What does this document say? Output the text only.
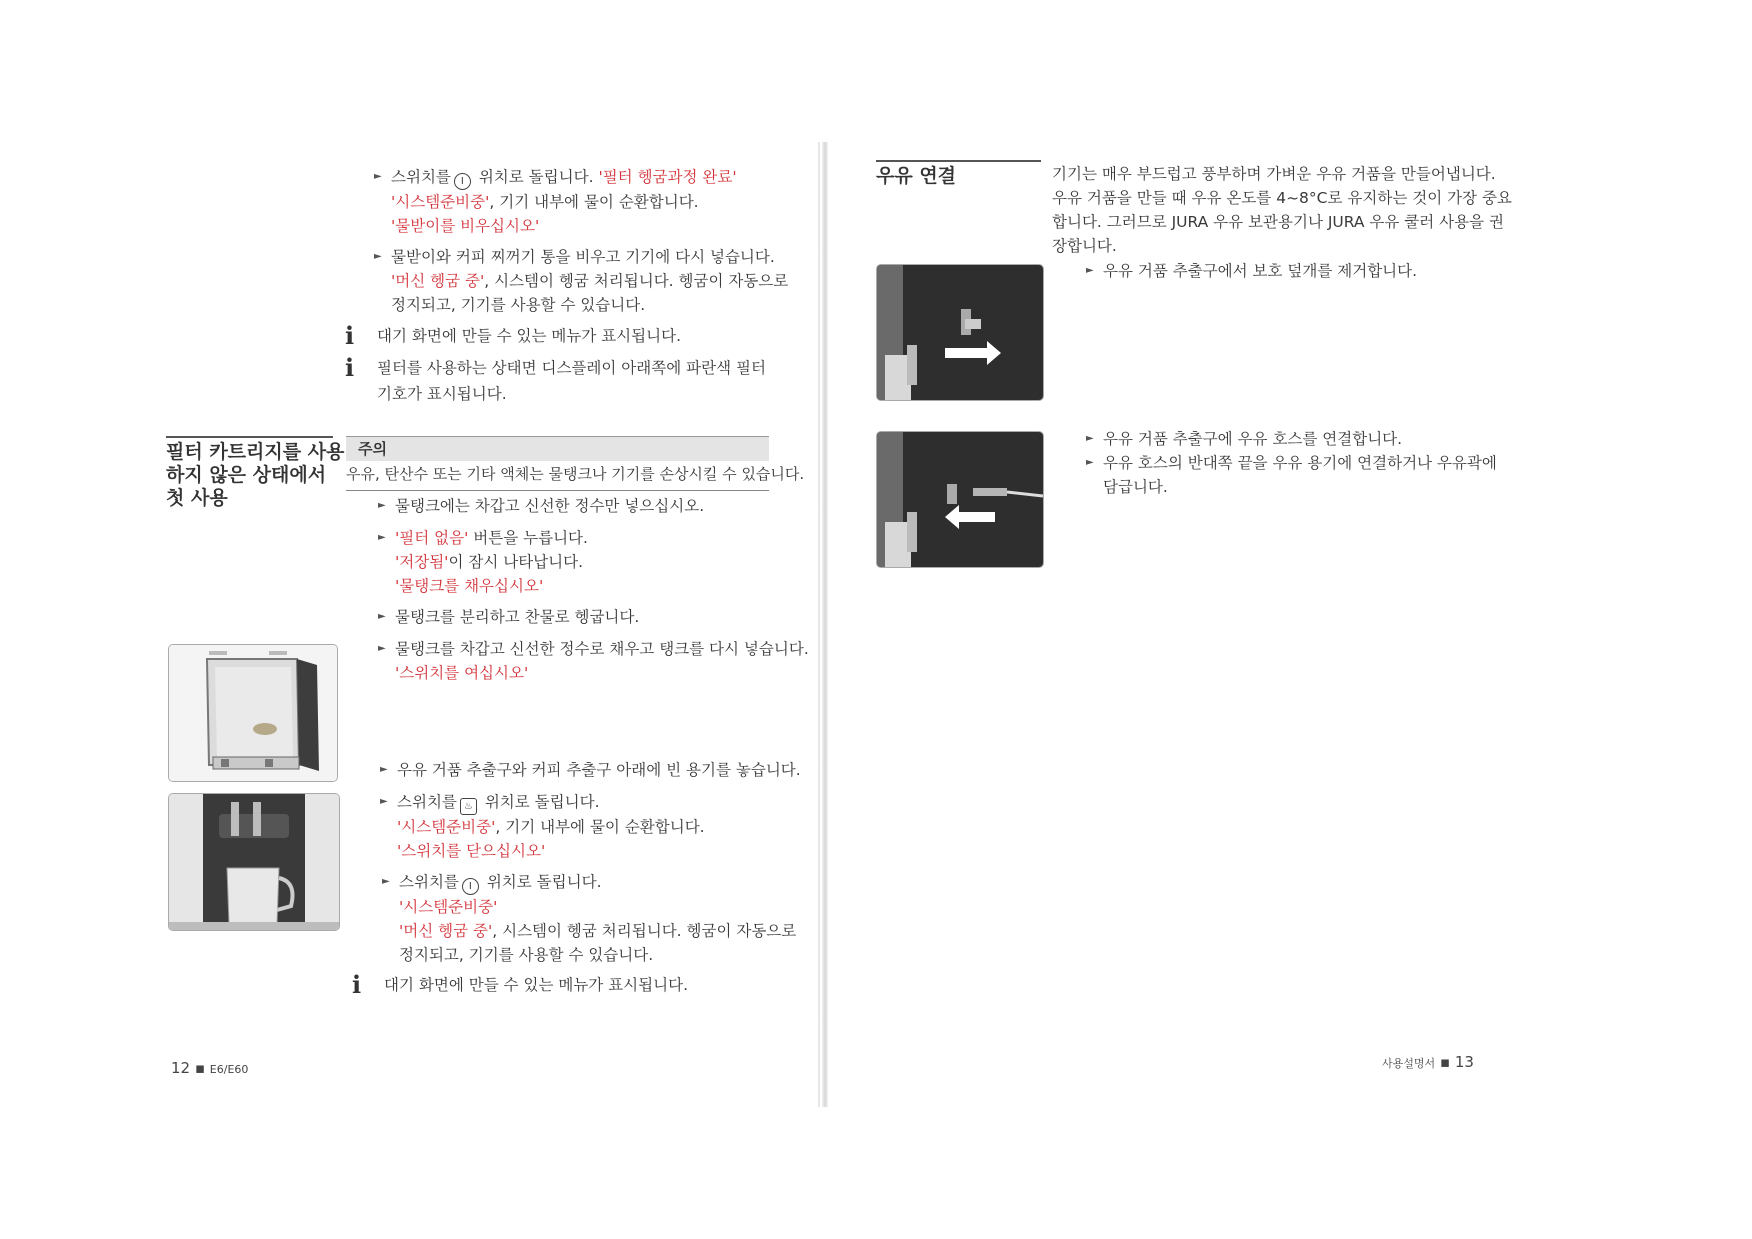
► 스위치를 I 위치로 돌립니다. '필터 헹굼과정 완료'
'시스템준비중', 기기 내부에 물이 순환합니다.
'물받이를 비우십시오'
► 물받이와 커피 찌꺼기 통을 비우고 기기에 다시 넣습니다.
'머신 헹굼 중', 시스템이 헹굼 처리됩니다. 헹굼이 자동으로
정지되고, 기기를 사용할 수 있습니다.
i 대기 화면에 만들 수 있는 메뉴가 표시됩니다.
i 필터를 사용하는 상태면 디스플레이 아래쪽에 파란색 필터
기호가 표시됩니다.
필터 카트리지를 사용
하지 않은 상태에서
첫 사용
주의
우유, 탄산수 또는 기타 액체는 물탱크나 기기를 손상시킬 수 있습니다.
► 물탱크에는 차갑고 신선한 정수만 넣으십시오.
► '필터 없음' 버튼을 누릅니다.
'저장됨'이 잠시 나타납니다.
'물탱크를 채우십시오'
► 물탱크를 분리하고 찬물로 헹굽니다.
► 물탱크를 차갑고 신선한 정수로 채우고 탱크를 다시 넣습니다.
'스위치를 여십시오'
► 우유 거품 추출구와 커피 추출구 아래에 빈 용기를 놓습니다.
► 스위치를 ♨ 위치로 돌립니다.
'시스템준비중', 기기 내부에 물이 순환합니다.
'스위치를 닫으십시오'
► 스위치를 I 위치로 돌립니다.
'시스템준비중'
'머신 헹굼 중', 시스템이 헹굼 처리됩니다. 헹굼이 자동으로
정지되고, 기기를 사용할 수 있습니다.
i 대기 화면에 만들 수 있는 메뉴가 표시됩니다.
12 ▪ E6/E60
우유 연결	기기는 매우 부드럽고 풍부하며 가벼운 우유 거품을 만들어냅니다.
우유 거품을 만들 때 우유 온도를 4~8°C로 유지하는 것이 가장 중요
합니다. 그러므로 JURA 우유 보관용기나 JURA 우유 쿨러 사용을 권
장합니다.
► 우유 거품 추출구에서 보호 덮개를 제거합니다.
► 우유 거품 추출구에 우유 호스를 연결합니다.
► 우유 호스의 반대쪽 끝을 우유 용기에 연결하거나 우유곽에
담급니다.
사용설명서 ▪ 13
